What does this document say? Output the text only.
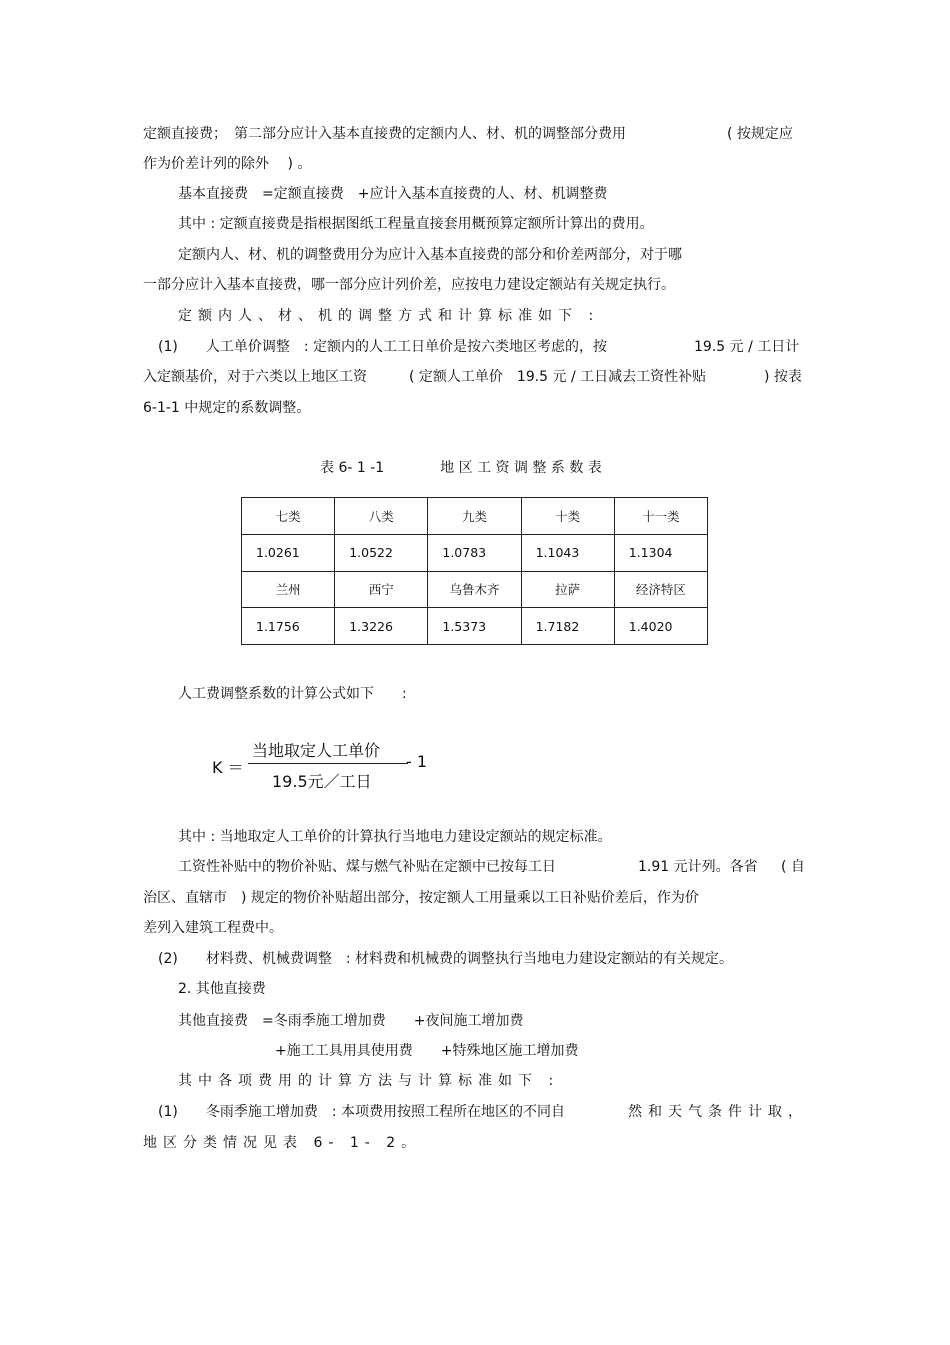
定额直接费；　第二部分应计入基本直接费的定额内人、材、机的调整部分费用	( 按规定应
作为价差计列的除外　 ) 。
基本直接费　=定额直接费　+应计入基本直接费的人、材、机调整费
其中 : 定额直接费是指根据图纸工程量直接套用概预算定额所计算出的费用。
定额内人、材、机的调整费用分为应计入基本直接费的部分和价差两部分，对于哪
一部分应计入基本直接费，哪一部分应计列价差，应按电力建设定额站有关规定执行。
定额内人、材、机的调整方式和计算标准如下 :
(1)　　人工单价调整　: 定额内的人工工日单价是按六类地区考虑的，按	19.5 元 / 工日计
入定额基价，对于六类以上地区工资　　　( 定额人工单价　19.5 元 / 工日减去工资性补贴	) 按表
6-1-1 中规定的系数调整。
表 6- 1 -1　　　　地 区 工 资 调 整 系 数 表
七类	八类	九类	十类	十一类
1.0261	1.0522	1.0783	1.1043	1.1304
兰州	西宁	乌鲁木齐	拉萨	经济特区
1.1756	1.3226	1.5373	1.7182	1.4020
人工费调整系数的计算公式如下　　:
K ＝
当地取定人工单价
19.5元／工日
- 1
其中 : 当地取定人工单价的计算执行当地电力建设定额站的规定标准。
工资性补贴中的物价补贴、煤与燃气补贴在定额中已按每工日	1.91 元计列。各省 ( 自
治区、直辖市　) 规定的物价补贴超出部分，按定额人工用量乘以工日补贴价差后，作为价
差列入建筑工程费中。
(2)　　材料费、机械费调整　: 材料费和机械费的调整执行当地电力建设定额站的有关规定。
2. 其他直接费
其他直接费　=冬雨季施工增加费　　+夜间施工增加费
+施工工具用具使用费　　+特殊地区施工增加费
其中各项费用的计算方法与计算标准如下 :
(1)　　冬雨季施工增加费　: 本项费用按照工程所在地区的不同自	然和天气条件计取，
地区分类情况见表 6- 1- 2。
